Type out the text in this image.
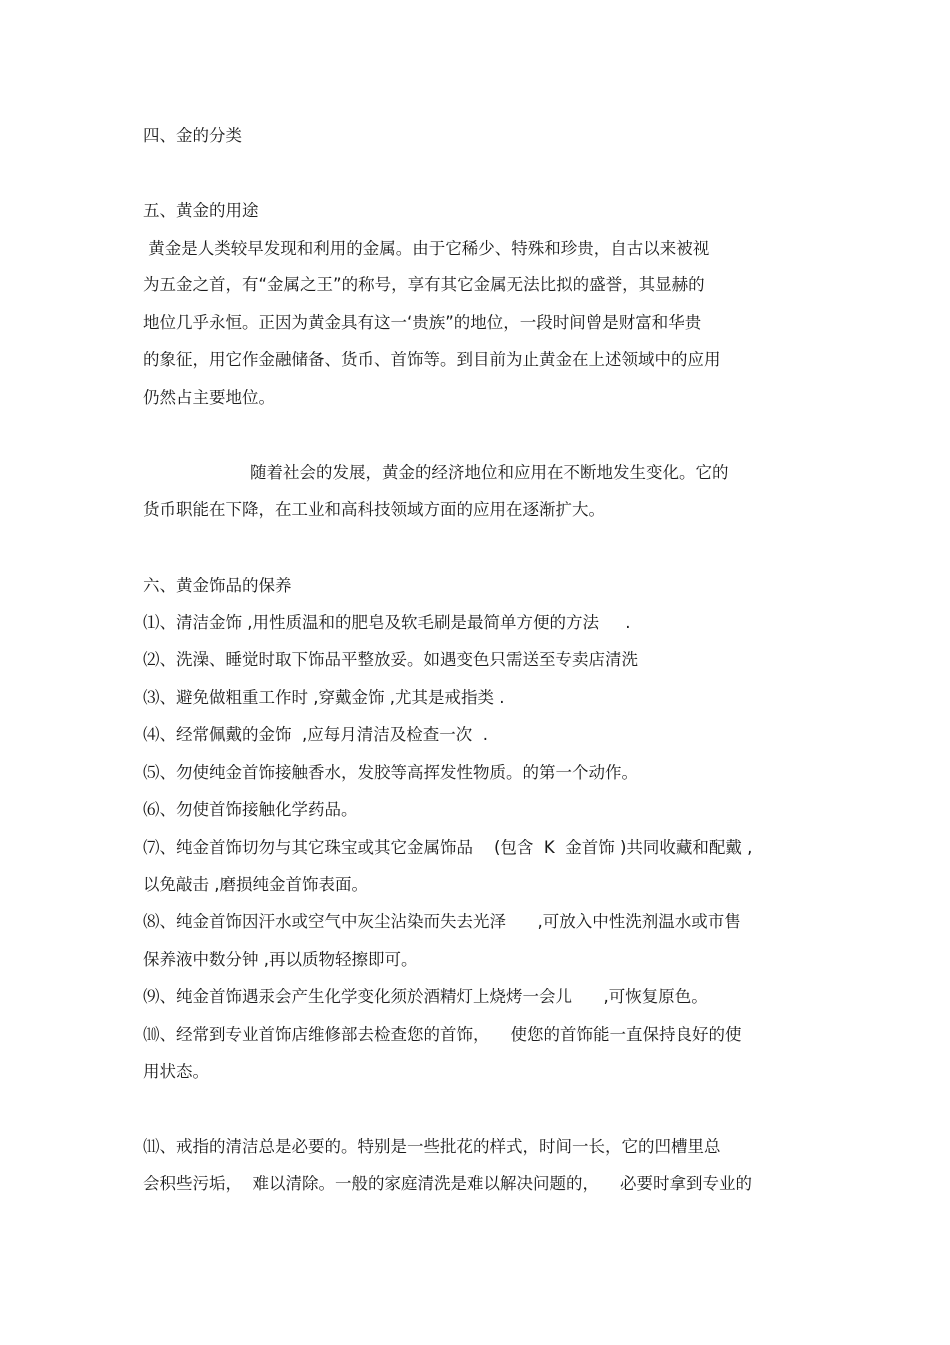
四、金的分类

五、黄金的用途

黄金是人类较早发现和利用的金属。由于它稀少、特殊和珍贵，自古以来被视

为五金之首，有“金属之王”的称号，享有其它金属无法比拟的盛誉，其显赫的

地位几乎永恒。正因为黄金具有这一‘贵族”的地位，一段时间曾是财富和华贵

的象征，用它作金融储备、货币、首饰等。到目前为止黄金在上述领域中的应用

仍然占主要地位。

随着社会的发展，黄金的经济地位和应用在不断地发生变化。它的

货币职能在下降，在工业和高科技领域方面的应用在逐渐扩大。

六、黄金饰品的保养

⑴、清洁金饰 ,用性质温和的肥皂及软毛刷是最简单方便的方法     .

⑵、洗澡、睡觉时取下饰品平整放妥。如遇变色只需送至专卖店清洗

⑶、避免做粗重工作时 ,穿戴金饰 ,尤其是戒指类 .

⑷、经常佩戴的金饰  ,应每月清洁及检查一次  .

⑸、勿使纯金首饰接触香水，发胶等高挥发性物质。的第一个动作。

⑹、勿使首饰接触化学药品。

⑺、纯金首饰切勿与其它珠宝或其它金属饰品    (包含  K  金首饰 )共同收藏和配戴 ,

以免敲击 ,磨损纯金首饰表面。

⑻、纯金首饰因汗水或空气中灰尘沾染而失去光泽      ,可放入中性洗剂温水或市售

保养液中数分钟 ,再以质物轻擦即可。

⑼、纯金首饰遇汞会产生化学变化须於酒精灯上烧烤一会儿      ,可恢复原色。

⑽、经常到专业首饰店维修部去检查您的首饰，    使您的首饰能一直保持良好的使

用状态。

⑾、戒指的清洁总是必要的。特别是一些批花的样式，时间一长，它的凹槽里总

会积些污垢，  难以清除。一般的家庭清洗是难以解决问题的，    必要时拿到专业的
